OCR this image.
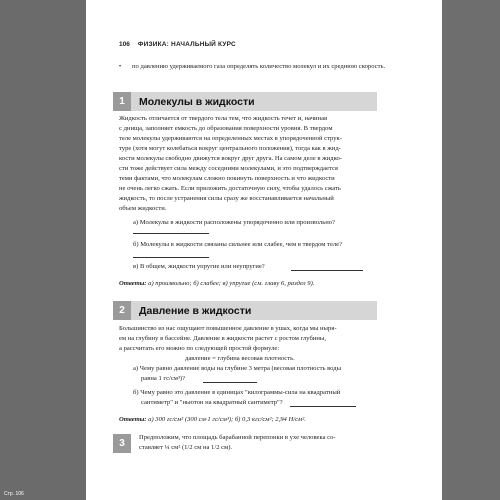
Стр. 106
106 ФИЗИКА: НАЧАЛЬНЫЙ КУРС
• по давлению удерживаемого газа определять количество молекул и их среднюю скорость.
1	Молекулы в жидкости
Жидкость отличается от твердого тела тем, что жидкость течет и, начиная
с днища, заполняет емкость до образования поверхности уровня. В твердом
теле молекулы удерживаются на определенных местах в упорядоченной струк-
туре (хотя могут колебаться вокруг центрального положения), тогда как в жид-
кости молекулы свободно движутся вокруг друг друга. На самом деле в жидко-
сти тоже действует сила между соседними молекулами, и это подтверждается
теми фактами, что молекулам сложно покинуть поверхность и что жидкости
не очень легко сжать. Если приложить достаточную силу, чтобы удалось сжать
жидкость, то после устранения силы сразу же восстанавливается начальный
объем жидкости.
а) Молекулы в жидкости расположены упорядоченно или произвольно?
б) Молекулы в жидкости связаны сильнее или слабее, чем в твердом теле?
в) В общем, жидкости упругие или неупругие?
Ответы: а) произвольно; б) слабее; в) упругие (см. главу 6, раздел 9).
2	Давление в жидкости
Большинство из нас ощущают повышенное давление в ушах, когда мы ныря-
ем на глубину в бассейне. Давление в жидкости растет с ростом глубины,
а рассчитать его можно по следующей простой формуле:
давление = глубина весовая плотность.
а) Чему равно давление воды на глубине 3 метра (весовая плотность воды
равна 1 гс/см³)?
б) Чему равно это давление в единицах "килограммы-сила на квадратный
сантиметр" и "ньютон на квадратный сантиметр"?
Ответы: а) 300 гс/см² (300 см·1 гс/см³); б) 0,3 кгс/см²; 2,94 Н/см².
3
Предположим, что площадь барабанной перепонки в ухе человека со-
ставляет ¼ см² (1/2 см на 1/2 см).
